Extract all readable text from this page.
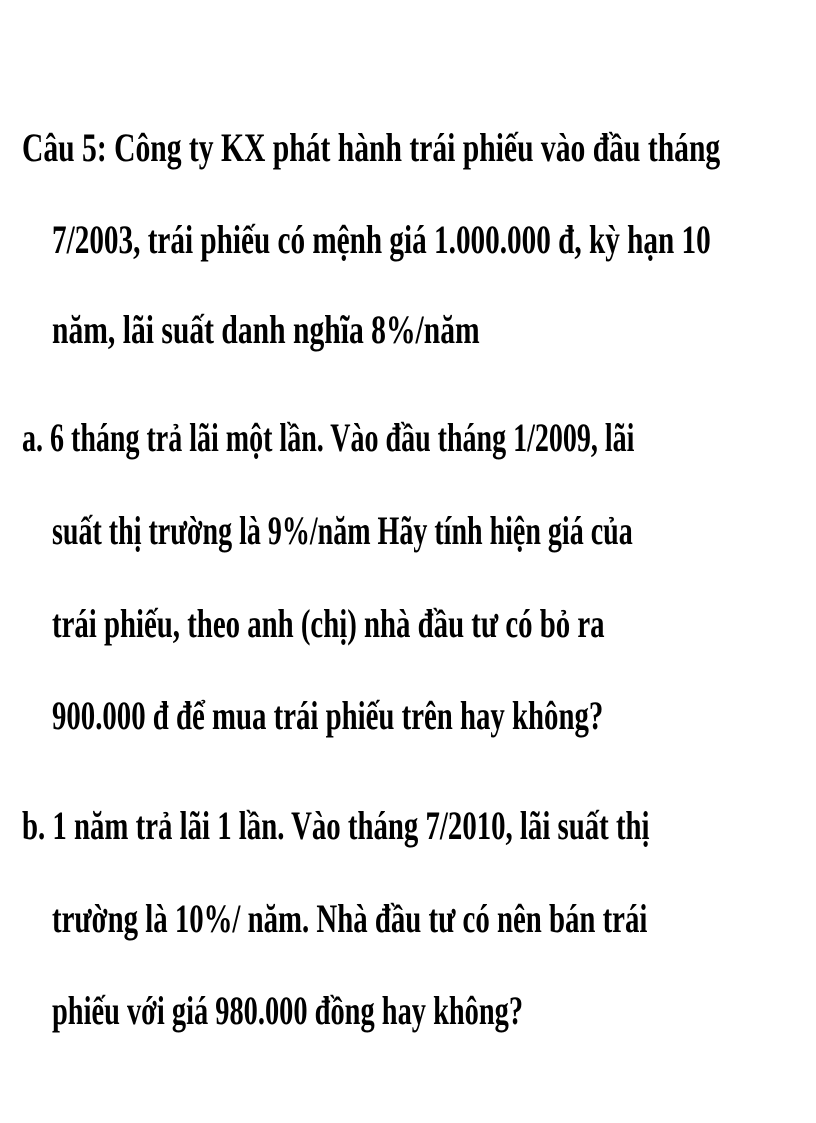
Câu 5: Công ty KX phát hành trái phiếu vào đầu tháng

7/2003, trái phiếu có mệnh giá 1.000.000 đ, kỳ hạn 10

năm, lãi suất danh nghĩa 8%/năm

a. 6 tháng trả lãi một lần. Vào đầu tháng 1/2009, lãi

suất thị trường là 9%/năm Hãy tính hiện giá của

trái phiếu, theo anh (chị) nhà đầu tư có bỏ ra

900.000 đ để mua trái phiếu trên hay không?

b. 1 năm trả lãi 1 lần. Vào tháng 7/2010, lãi suất thị

trường là 10%/ năm. Nhà đầu tư có nên bán trái

phiếu với giá 980.000 đồng hay không?
